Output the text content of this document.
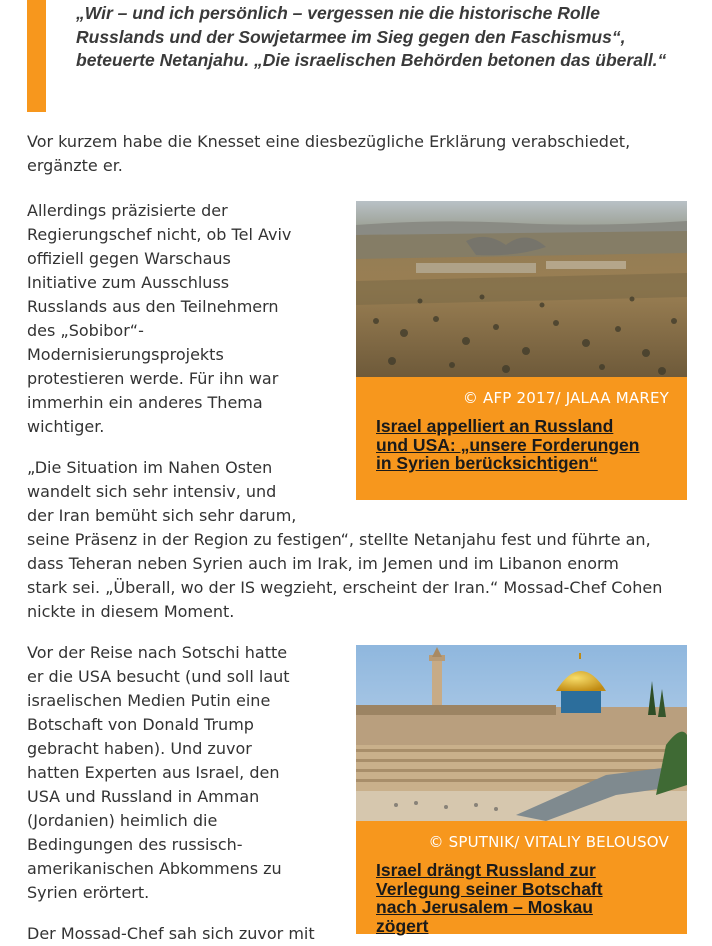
„Wir – und ich persönlich – vergessen nie die historische Rolle Russlands und der Sowjetarmee im Sieg gegen den Faschismus“, beteuerte Netanjahu. „Die israelischen Behörden betonen das überall.“

Vor kurzem habe die Knesset eine diesbezügliche Erklärung verabschiedet,
ergänzte er.
Allerdings präzisierte der
Regierungschef nicht, ob Tel Aviv
offiziell gegen Warschaus
Initiative zum Ausschluss
Russlands aus den Teilnehmern
des „Sobibor“-
Modernisierungsprojekts
protestieren werde. Für ihn war
immerhin ein anderes Thema
wichtiger.
„Die Situation im Nahen Osten
wandelt sich sehr intensiv, und
der Iran bemüht sich sehr darum,
seine Präsenz in der Region zu festigen“, stellte Netanjahu fest und führte an,
dass Teheran neben Syrien auch im Irak, im Jemen und im Libanon enorm
stark sei. „Überall, wo der IS wegzieht, erscheint der Iran.“ Mossad-Chef Cohen
nickte in diesem Moment.
Vor der Reise nach Sotschi hatte
er die USA besucht (und soll laut
israelischen Medien Putin eine
Botschaft von Donald Trump
gebracht haben). Und zuvor
hatten Experten aus Israel, den
USA und Russland in Amman
(Jordanien) heimlich die
Bedingungen des russisch-
amerikanischen Abkommens zu
Syrien erörtert.
Der Mossad-Chef sah sich zuvor mit
© AFP 2017/ JALAA MAREY
Israel appelliert an Russland
und USA: „unsere Forderungen
in Syrien berücksichtigen“
© SPUTNIK/ VITALIY BELOUSOV
Israel drängt Russland zur
Verlegung seiner Botschaft
nach Jerusalem – Moskau
zögert
